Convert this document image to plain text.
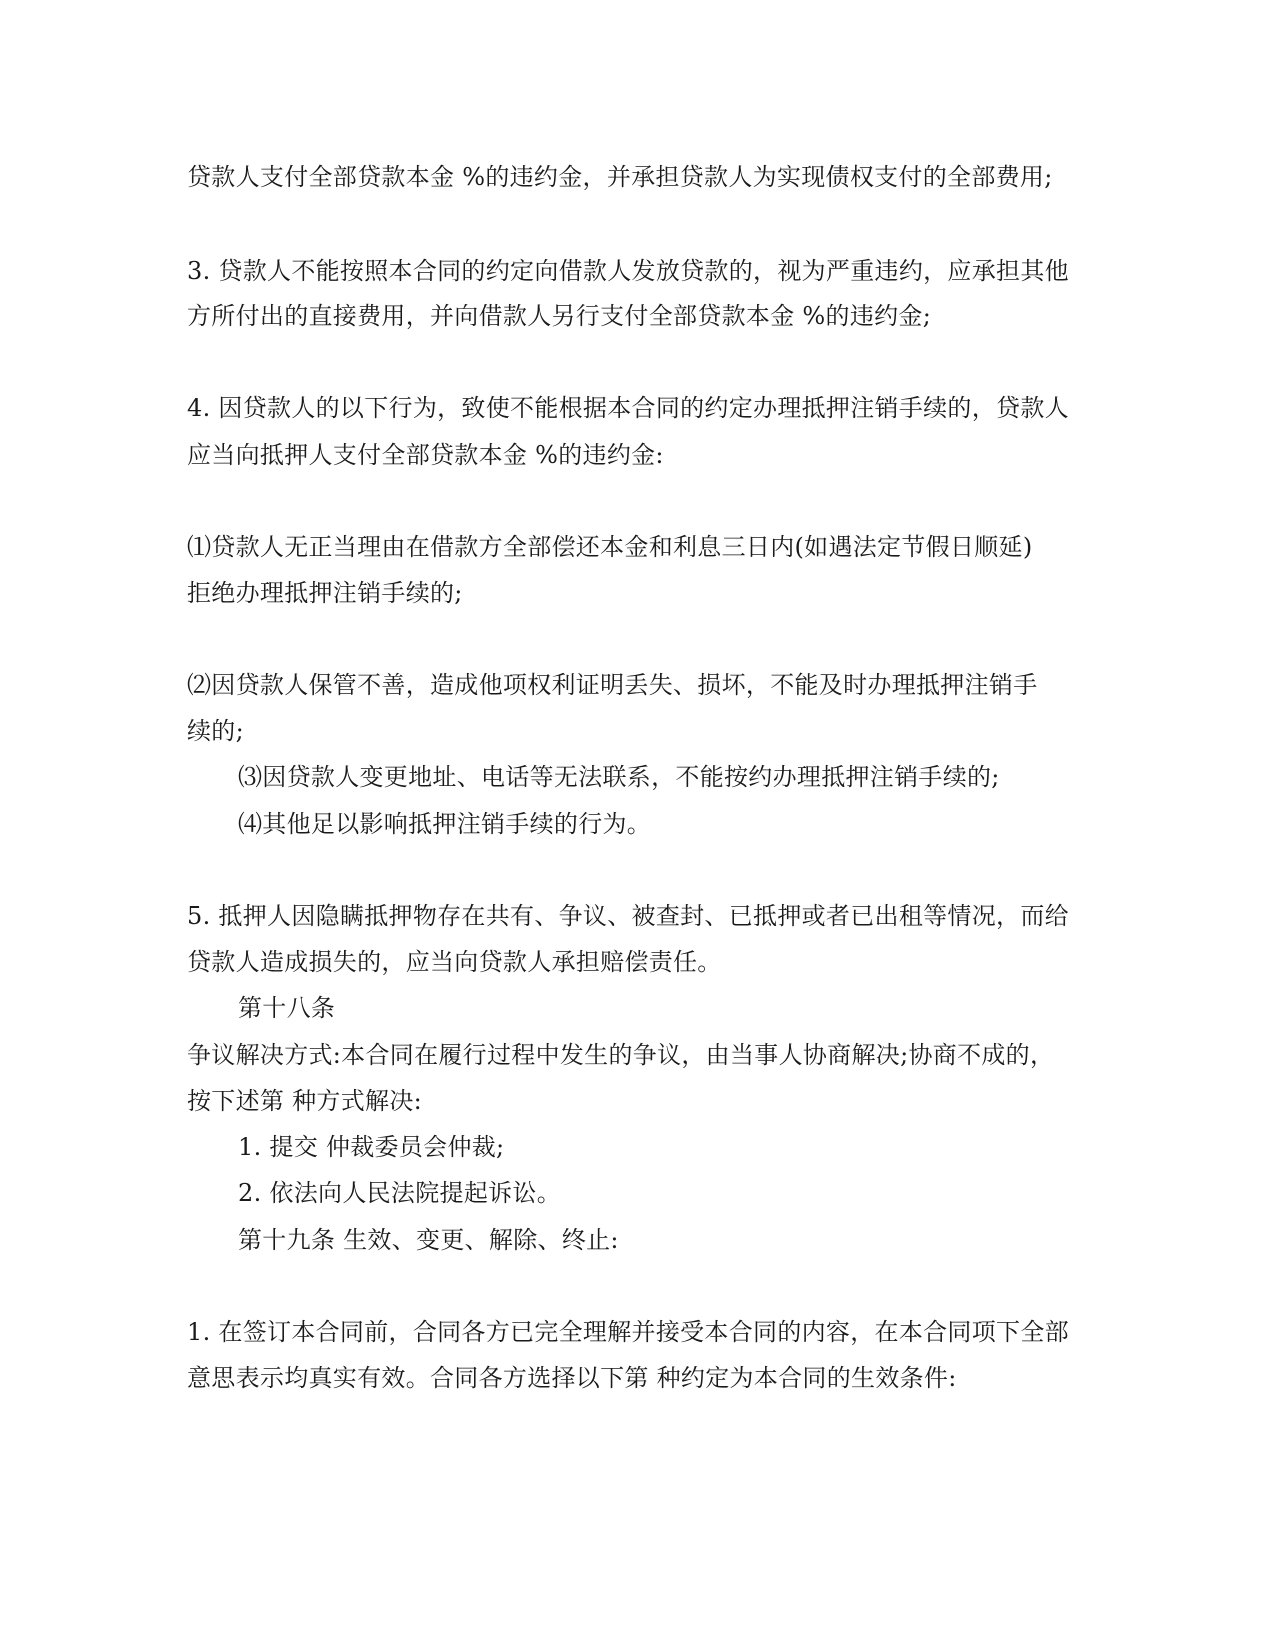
贷款人支付全部贷款本金 %的违约金，并承担贷款人为实现债权支付的全部费用;
3. 贷款人不能按照本合同的约定向借款人发放贷款的，视为严重违约，应承担其他
方所付出的直接费用，并向借款人另行支付全部贷款本金 %的违约金;
4. 因贷款人的以下行为，致使不能根据本合同的约定办理抵押注销手续的，贷款人
应当向抵押人支付全部贷款本金 %的违约金:
⑴贷款人无正当理由在借款方全部偿还本金和利息三日内(如遇法定节假日顺延)
拒绝办理抵押注销手续的;
⑵因贷款人保管不善，造成他项权利证明丢失、损坏，不能及时办理抵押注销手
续的;
⑶因贷款人变更地址、电话等无法联系，不能按约办理抵押注销手续的;
⑷其他足以影响抵押注销手续的行为。
5. 抵押人因隐瞒抵押物存在共有、争议、被查封、已抵押或者已出租等情况，而给
贷款人造成损失的，应当向贷款人承担赔偿责任。
第十八条
争议解决方式:本合同在履行过程中发生的争议，由当事人协商解决;协商不成的，
按下述第 种方式解决:
1. 提交 仲裁委员会仲裁;
2. 依法向人民法院提起诉讼。
第十九条 生效、变更、解除、终止:
1. 在签订本合同前，合同各方已完全理解并接受本合同的内容，在本合同项下全部
意思表示均真实有效。合同各方选择以下第 种约定为本合同的生效条件:
